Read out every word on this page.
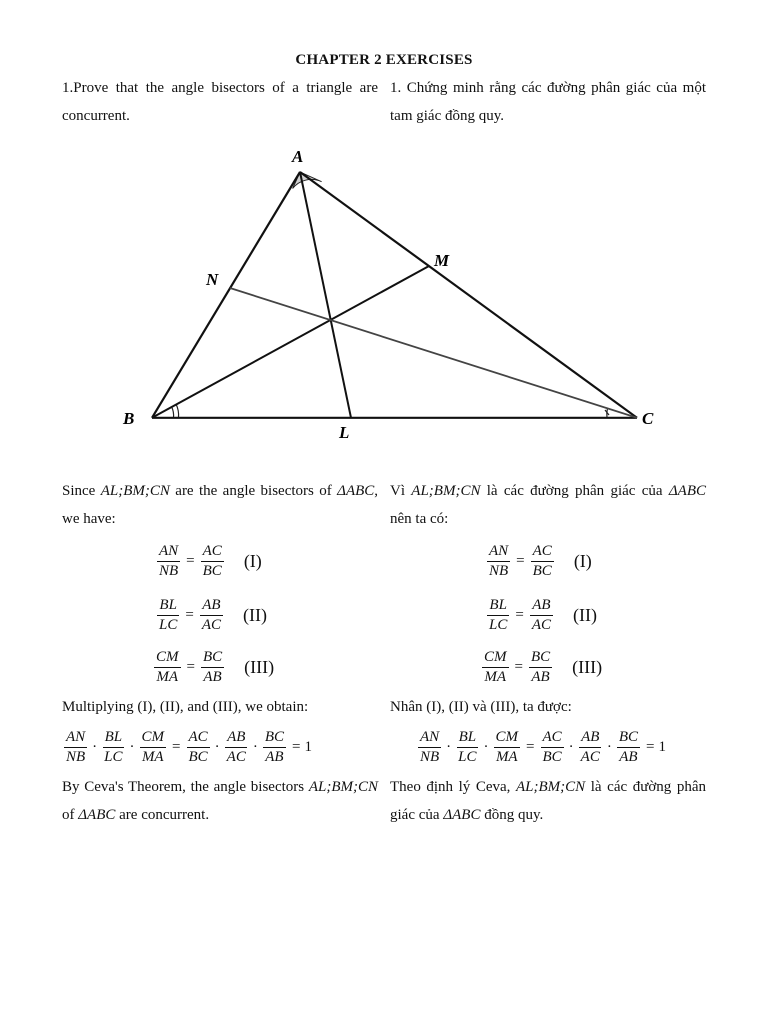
CHAPTER 2 EXERCISES
1.Prove that the angle bisectors of a triangle are concurrent.
1. Chứng minh rằng các đường phân giác của một tam giác đồng quy.
A
B	C
L
M
N
Since AL;BM;CN are the angle bisectors of ΔABC, we have:
$\frac{AN}{NB} = \frac{AC}{BC} (I)$
$\frac{BL}{LC} = \frac{AB}{AC} (II)$
$\frac{CM}{MA} = \frac{BC}{AB} (III)$
Multiplying (I), (II), and (III), we obtain:
$\frac{AN}{NB} \cdot \frac{BL}{LC} \cdot \frac{CM}{MA} = \frac{AC}{BC} \cdot \frac{AB}{AC} \cdot \frac{BC}{AB} = 1$
By Ceva's Theorem, the angle bisectors AL;BM;CN of ΔABC are concurrent.
Vì AL;BM;CN là các đường phân giác của ΔABC nên ta có:
$\frac{AN}{NB} = \frac{AC}{BC} (I)$
$\frac{BL}{LC} = \frac{AB}{AC} (II)$
$\frac{CM}{MA} = \frac{BC}{AB} (III)$
Nhân (I), (II) và (III), ta được:
$\frac{AN}{NB} \cdot \frac{BL}{LC} \cdot \frac{CM}{MA} = \frac{AC}{BC} \cdot \frac{AB}{AC} \cdot \frac{BC}{AB} = 1$
Theo định lý Ceva, AL;BM;CN là các đường phân giác của ΔABC đồng quy.
